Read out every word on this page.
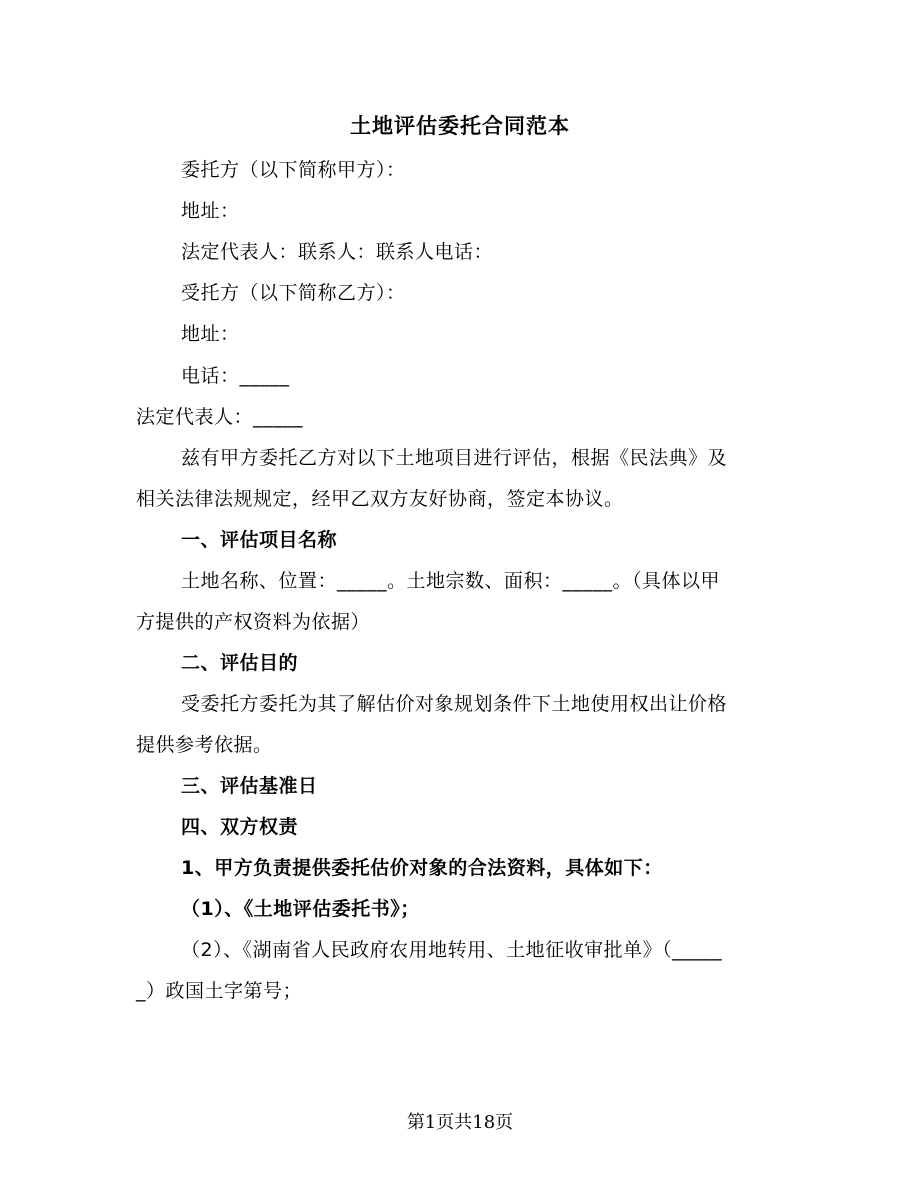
土地评估委托合同范本
委托方（以下简称甲方）：
地址：
法定代表人：联系人：联系人电话：
受托方（以下简称乙方）：
地址：
电话：_____
法定代表人：_____
兹有甲方委托乙方对以下土地项目进行评估，根据《民法典》及
相关法律法规规定，经甲乙双方友好协商，签定本协议。
一、评估项目名称
土地名称、位置：_____。土地宗数、面积：_____。（具体以甲
方提供的产权资料为依据）
二、评估目的
受委托方委托为其了解估价对象规划条件下土地使用权出让价格
提供参考依据。
三、评估基准日
四、双方权责
1、甲方负责提供委托估价对象的合法资料，具体如下：
（1）、《土地评估委托书》；
（2）、《湖南省人民政府农用地转用、土地征收审批单》（_____
_）政国土字第号；
第1页共18页
